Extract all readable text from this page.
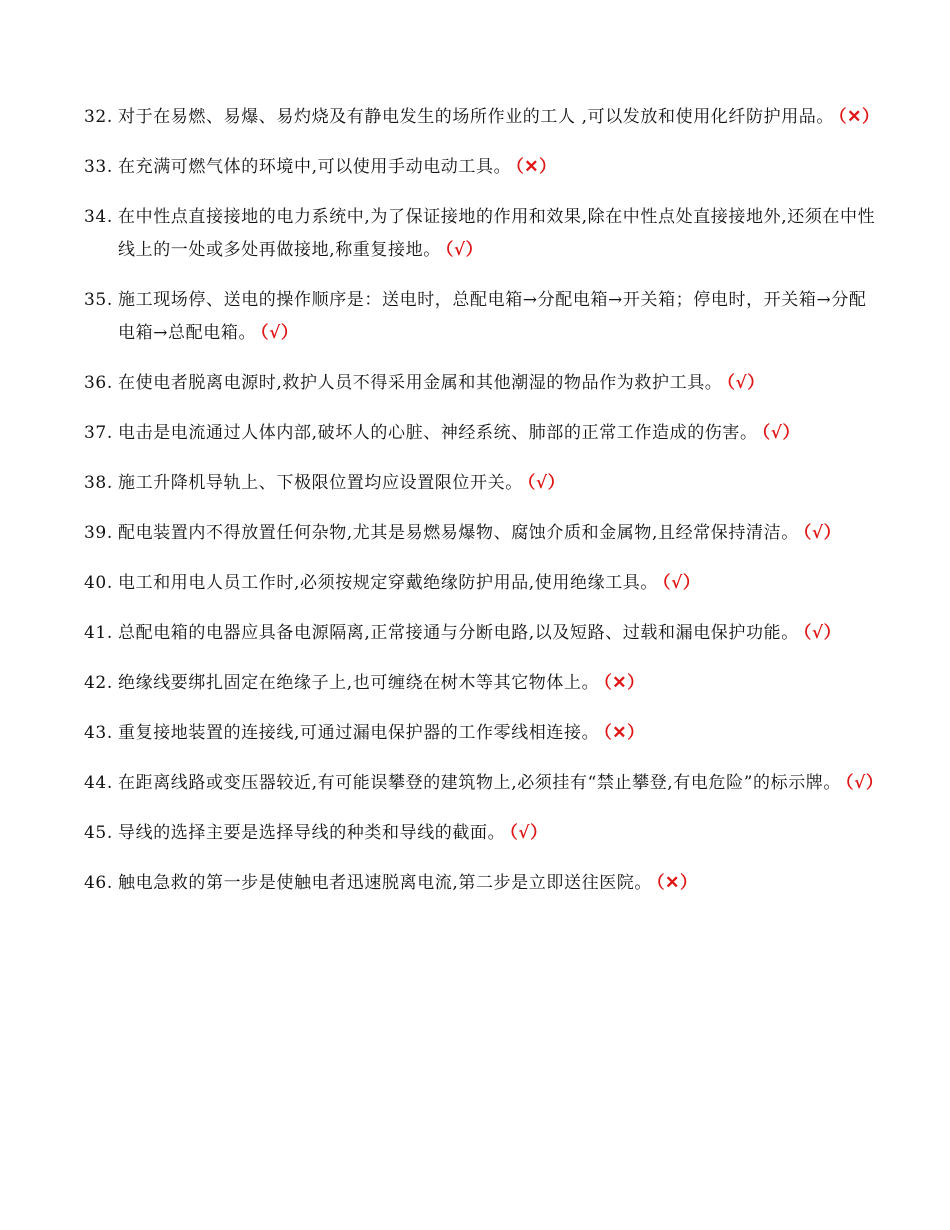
32. 对于在易燃、易爆、易灼烧及有静电发生的场所作业的工人 ,可以发放和使用化纤防护用品。 （✕）
33. 在充满可燃气体的环境中,可以使用手动电动工具。 （✕）
34. 在中性点直接接地的电力系统中,为了保证接地的作用和效果,除在中性点处直接接地外,还须在中性线上的一处或多处再做接地,称重复接地。 （√）
35. 施工现场停、送电的操作顺序是：送电时，总配电箱→分配电箱→开关箱；停电时，开关箱→分配电箱→总配电箱。 （√）
36. 在使电者脱离电源时,救护人员不得采用金属和其他潮湿的物品作为救护工具。 （√）
37. 电击是电流通过人体内部,破坏人的心脏、神经系统、肺部的正常工作造成的伤害。 （√）
38. 施工升降机导轨上、下极限位置均应设置限位开关。 （√）
39. 配电装置内不得放置任何杂物,尤其是易燃易爆物、腐蚀介质和金属物,且经常保持清洁。 （√）
40. 电工和用电人员工作时,必须按规定穿戴绝缘防护用品,使用绝缘工具。 （√）
41. 总配电箱的电器应具备电源隔离,正常接通与分断电路,以及短路、过载和漏电保护功能。 （√）
42. 绝缘线要绑扎固定在绝缘子上,也可缠绕在树木等其它物体上。 （✕）
43. 重复接地装置的连接线,可通过漏电保护器的工作零线相连接。 （✕）
44. 在距离线路或变压器较近,有可能误攀登的建筑物上,必须挂有“禁止攀登,有电危险”的标示牌。 （√）
45. 导线的选择主要是选择导线的种类和导线的截面。 （√）
46. 触电急救的第一步是使触电者迅速脱离电流,第二步是立即送往医院。 （✕）
